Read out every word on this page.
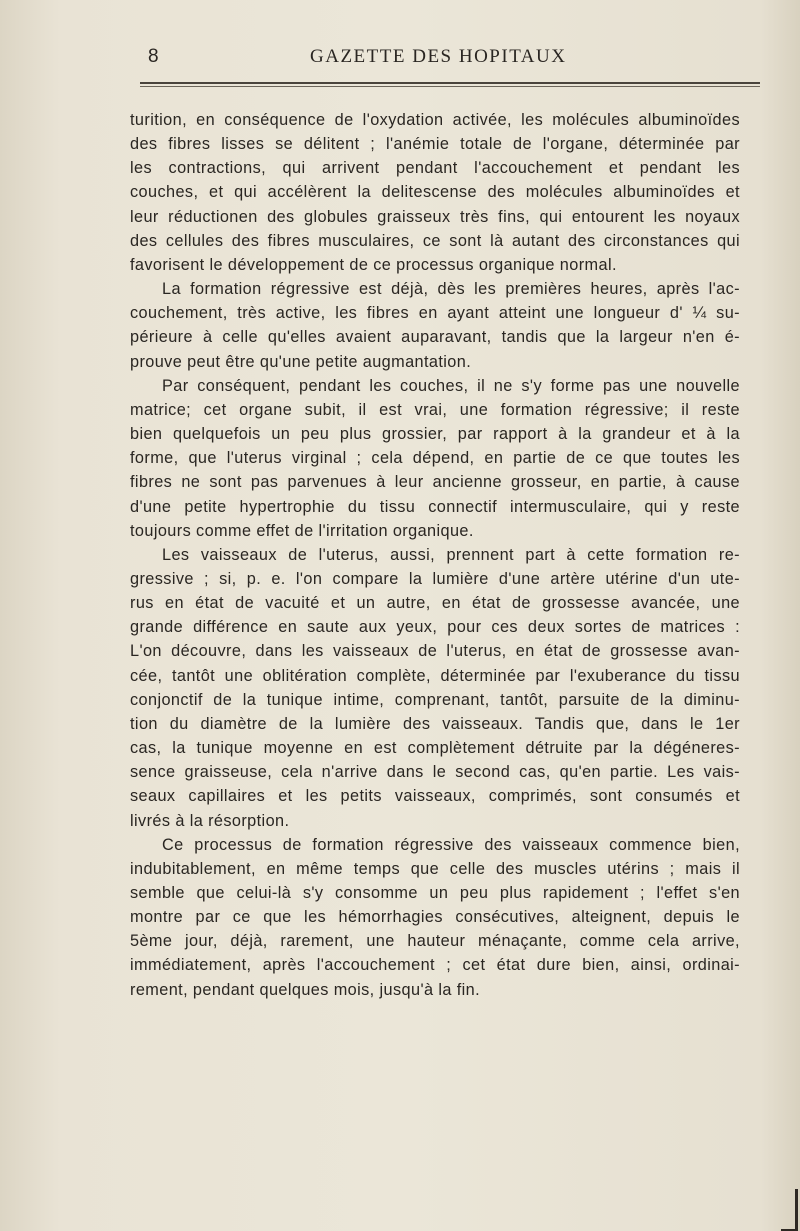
8	GAZETTE DES HOPITAUX
turition, en conséquence de l'oxydation activée, les molécules albuminoïdes
des fibres lisses se délitent ; l'anémie totale de l'organe, déterminée par
les contractions, qui arrivent pendant l'accouchement et pendant les
couches, et qui accélèrent la delitescense des molécules albuminoïdes et
leur réductionen des globules graisseux très fins, qui entourent les noyaux
des cellules des fibres musculaires, ce sont là autant des circonstances qui
favorisent le développement de ce processus organique normal.
La formation régressive est déjà, dès les premières heures, après l'ac-
couchement, très active, les fibres en ayant atteint une longueur d' ¼ su-
périeure à celle qu'elles avaient auparavant, tandis que la largeur n'en é-
prouve peut être qu'une petite augmantation.
Par conséquent, pendant les couches, il ne s'y forme pas une nouvelle
matrice; cet organe subit, il est vrai, une formation régressive; il reste
bien quelquefois un peu plus grossier, par rapport à la grandeur et à la
forme, que l'uterus virginal ; cela dépend, en partie de ce que toutes les
fibres ne sont pas parvenues à leur ancienne grosseur, en partie, à cause
d'une petite hypertrophie du tissu connectif intermusculaire, qui y reste
toujours comme effet de l'irritation organique.
Les vaisseaux de l'uterus, aussi, prennent part à cette formation re-
gressive ; si, p. e. l'on compare la lumière d'une artère utérine d'un ute-
rus en état de vacuité et un autre, en état de grossesse avancée, une
grande différence en saute aux yeux, pour ces deux sortes de matrices :
L'on découvre, dans les vaisseaux de l'uterus, en état de grossesse avan-
cée, tantôt une oblitération complète, déterminée par l'exuberance du tissu
conjonctif de la tunique intime, comprenant, tantôt, parsuite de la diminu-
tion du diamètre de la lumière des vaisseaux. Tandis que, dans le 1er
cas, la tunique moyenne en est complètement détruite par la dégéneres-
sence graisseuse, cela n'arrive dans le second cas, qu'en partie. Les vais-
seaux capillaires et les petits vaisseaux, comprimés, sont consumés et
livrés à la résorption.
Ce processus de formation régressive des vaisseaux commence bien,
indubitablement, en même temps que celle des muscles utérins ; mais il
semble que celui-là s'y consomme un peu plus rapidement ; l'effet s'en
montre par ce que les hémorrhagies consécutives, alteignent, depuis le
5ème jour, déjà, rarement, une hauteur ménaçante, comme cela arrive,
immédiatement, après l'accouchement ; cet état dure bien, ainsi, ordinai-
rement, pendant quelques mois, jusqu'à la fin.
